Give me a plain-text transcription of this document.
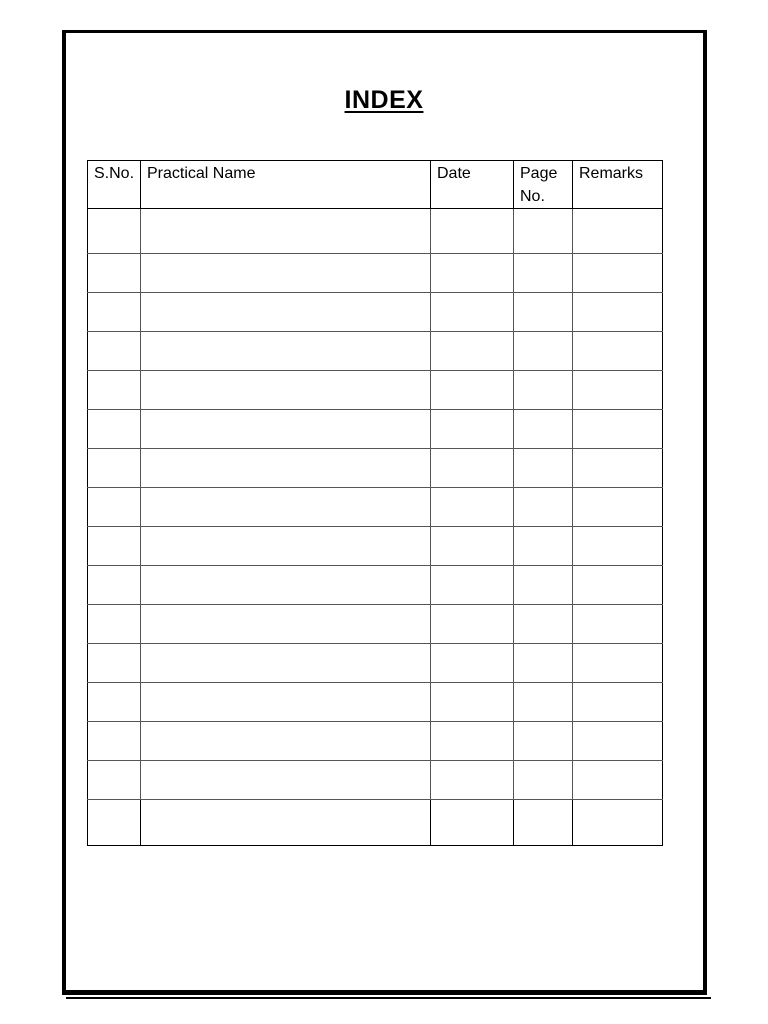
INDEX
S.No.	Practical Name	Date	Page No.	Remarks
